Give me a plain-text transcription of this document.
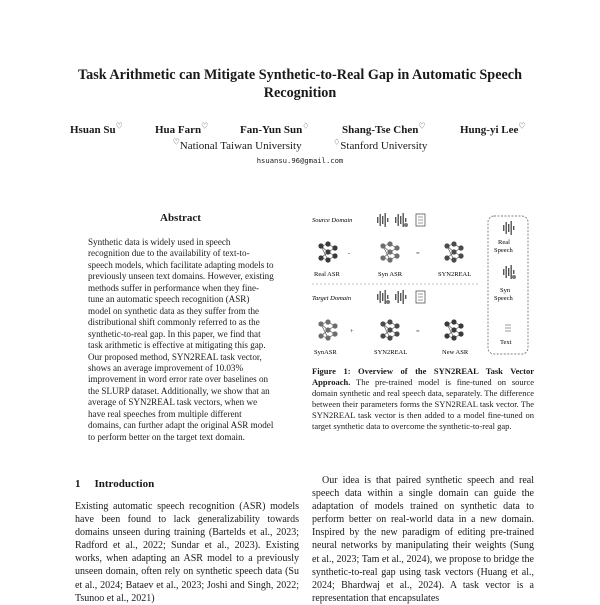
Task Arithmetic can Mitigate Synthetic-to-Real Gap in Automatic Speech Recognition
Hsuan Su♡	Hua Farn♡	Fan-Yun Sun♢	Shang-Tse Chen♡	Hung-yi Lee♡
♡National Taiwan University	♢Stanford University
hsuansu.96@gmail.com
Abstract

Synthetic data is widely used in speech recognition due to the availability of text-to-speech models, which facilitate adapting models to previously unseen text domains. However, existing methods suffer in performance when they fine-tune an automatic speech recognition (ASR) model on synthetic data as they suffer from the distributional shift commonly referred to as the synthetic-to-real gap. In this paper, we find that task arithmetic is effective at mitigating this gap. Our proposed method, SYN2REAL task vector, shows an average improvement of 10.03% improvement in word error rate over baselines on the SLURP dataset. Additionally, we show that an average of SYN2REAL task vectors, when we have real speeches from multiple different domains, can further adapt the original ASR model to perform better on the target text domain.

1 Introduction

Existing automatic speech recognition (ASR) models have been found to lack generalizability towards domains unseen during training (Bartelds et al., 2023; Radford et al., 2022; Sundar et al., 2023). Existing works, when adapting an ASR model to a previously unseen domain, often rely on synthetic speech data (Su et al., 2024; Bataev et al., 2023; Joshi and Singh, 2022; Tsunoo et al., 2021)

Source Domain
-	=
Real ASR	Syn ASR	SYN2REAL
Target Domain
+	=
SynASR	SYN2REAL	New ASR
Real
Speech
Syn
Speech
Text
Figure 1: Overview of the SYN2REAL Task Vector Approach. The pre-trained model is fine-tuned on source domain synthetic and real speech data, separately. The difference between their parameters forms the SYN2REAL task vector. The SYN2REAL task vector is then added to a model fine-tuned on target synthetic data to overcome the synthetic-to-real gap.

Our idea is that paired synthetic speech and real speech data within a single domain can guide the adaptation of models trained on synthetic data to perform better on real-world data in a new domain. Inspired by the new paradigm of editing pre-trained neural networks by manipulating their weights (Sung et al., 2023; Tam et al., 2024), we propose to bridge the synthetic-to-real gap using task vectors (Huang et al., 2024; Bhardwaj et al., 2024). A task vector is a representation that encapsulates
